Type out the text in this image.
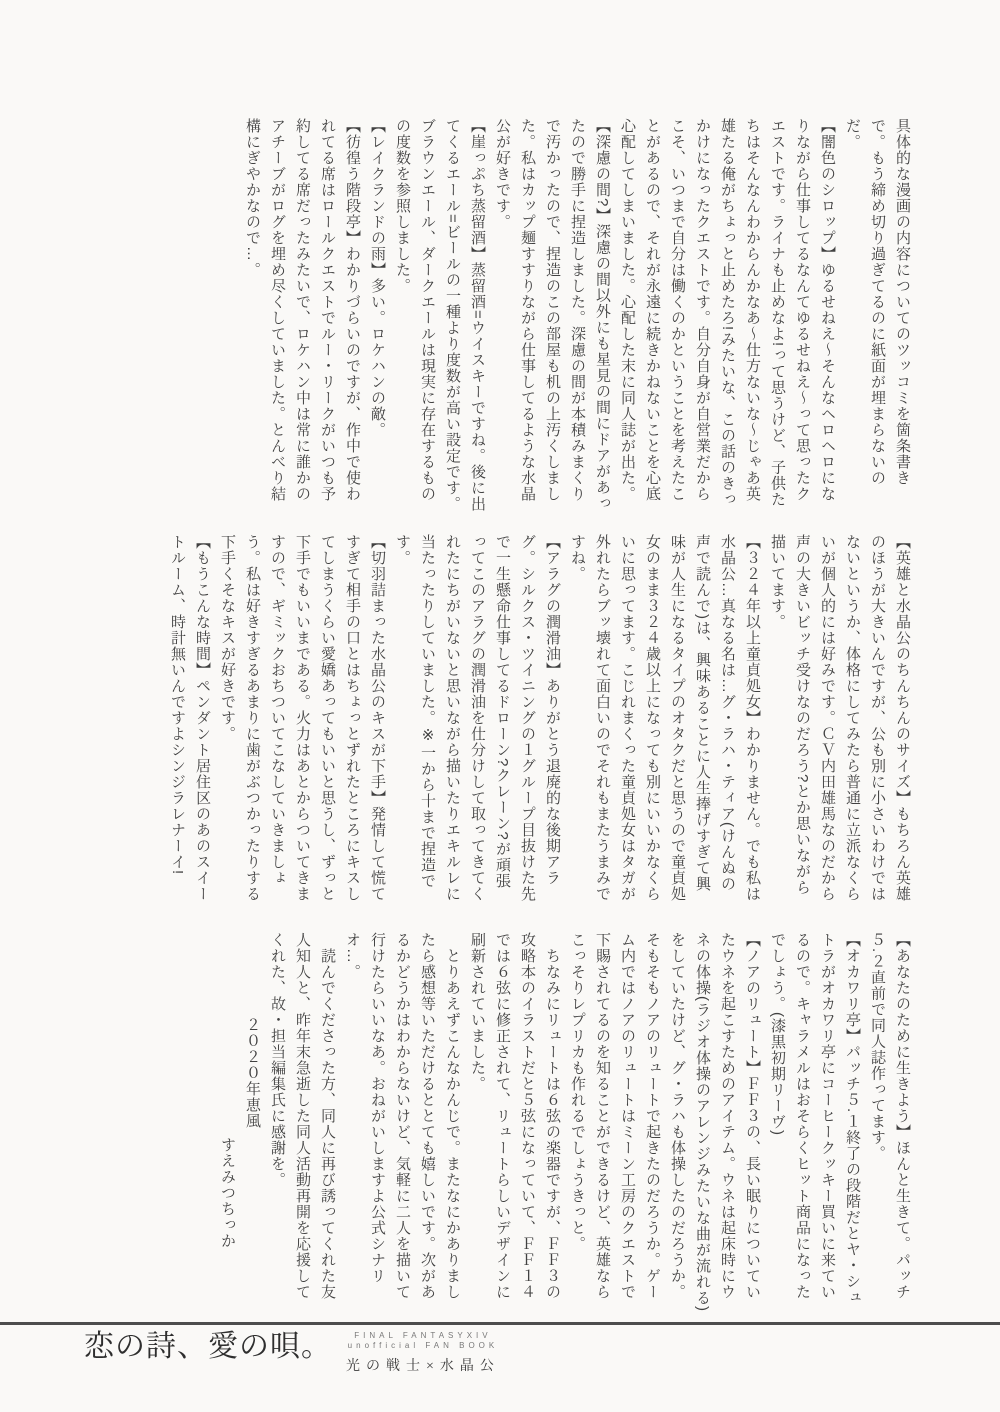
具体的な漫画の内容についてのツッコミを箇条書きで。もう締め切り過ぎてるのに紙面が埋まらないのだ。

【闇色のシロップ】ゆるせねえ〜そんなヘロヘロになりながら仕事してるなんてゆるせねえ〜って思ったクエストです。ライナも止めなよ!って思うけど、子供たちはそんなんわからんかなあ〜仕方ないな〜じゃあ英雄たる俺がちょっと止めたろ!みたいな、この話のきっかけになったクエストです。自分自身が自営業だからこそ、いつまで自分は働くのかということを考えたことがあるので、それが永遠に続きかねないことを心底心配してしまいました。心配した末に同人誌が出た。

【深慮の間?】深慮の間以外にも星見の間にドアがあったので勝手に捏造しました。深慮の間が本積みまくりで汚かったので、捏造のこの部屋も机の上汚くしました。私はカップ麺すすりながら仕事してるような水晶公が好きです。

【崖っぷち蒸留酒】蒸留酒=ウイスキーですね。後に出てくるエール=ビールの一種より度数が高い設定です。ブラウンエール、ダークエールは現実に存在するものの度数を参照しました。

【レイクランドの雨】多い。ロケハンの敵。

【彷徨う階段亭】わかりづらいのですが、作中で使われてる席はロールクエストでルー・リークがいつも予約してる席だったみたいで、ロケハン中は常に誰かのアチーブがログを埋め尽くしていました。とんべり結構にぎやかなので…。

【英雄と水晶公のちんちんのサイズ】もちろん英雄のほうが大きいんですが、公も別に小さいわけではないというか、体格にしてみたら普通に立派なくらいが個人的には好みです。ＣＶ内田雄馬なのだから声の大きいビッチ受けなのだろう?とか思いながら描いてます。

【３２４年以上童貞処女】わかりません。でも私は水晶公…真なる名は…グ・ラハ・ティア(けんぬの声で読んで)は、興味あることに人生捧げすぎて興味が人生になるタイプのオタクだと思うので童貞処女のまま３２４歳以上になっても別にいいかなくらいに思ってます。こじれまくった童貞処女はタガが外れたらブッ壊れて面白いのでそれもまたうまみですね。

【アラグの潤滑油】ありがとう退廃的な後期アラグ。シルクス・ツイニングの１グループ目抜けた先で一生懸命仕事してるドローン?クレーン?が頑張ってこのアラグの潤滑油を仕分けして取ってきてくれたにちがいないと思いながら描いたりエキルレに当たったりしていました。※一から十まで捏造です。

【切羽詰まった水晶公のキスが下手】発情して慌てすぎて相手の口とはちょっとずれたところにキスしてしまうくらい愛嬌あってもいいと思うし、ずっと下手でもいいまである。火力はあとからついてきますので、ギミックおちついてこなしていきましょう。私は好きすぎるあまりに歯がぶつかったりする下手くそなキスが好きです。

【もうこんな時間】ペンダント居住区のあのスイートルーム、時計無いんですよシンジラレナーイ!

【あなたのために生きよう】ほんと生きて。パッチ５.２直前で同人誌作ってます。

【オカワリ亭】パッチ５.１終了の段階だとヤ・シュトラがオカワリ亭にコーヒークッキー買いに来ているので。キャラメルはおそらくヒット商品になったでしょう。(漆黒初期リーヴ)

【ノアのリュート】ＦＦ３の、長い眠りについていたウネを起こすためのアイテム。ウネは起床時にウネの体操(ラジオ体操のアレンジみたいな曲が流れる)をしていたけど、グ・ラハも体操したのだろうか。そもそもノアのリュートで起きたのだろうか。ゲーム内ではノアのリュートはミーン工房のクエストで下賜されてるのを知ることができるけど、英雄ならこっそりレプリカも作れるでしょうきっと。

　ちなみにリュートは６弦の楽器ですが、ＦＦ３の攻略本のイラストだと５弦になっていて、ＦＦ１４では６弦に修正されて、リュートらしいデザインに刷新されていました。

　とりあえずこんなかんじで。またなにかありましたら感想等いただけるととても嬉しいです。次があるかどうかはわからないけど、気軽に二人を描いて行けたらいいなあ。おねがいしますよ公式シナリオ…。

　読んでくださった方、同人に再び誘ってくれた友人知人と、昨年末急逝した同人活動再開を応援してくれた、故・担当編集氏に感謝を。

２０２０年恵風

すえみつちっか

恋の詩、愛の唄。	FINAL FANTASYXIV
unofficial FAN BOOK
光の戦士×水晶公
